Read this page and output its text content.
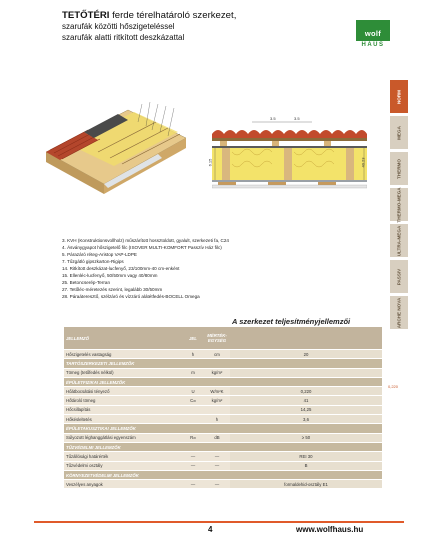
TETŐTÉRI ferde térelhatároló szerkezet,
szarufák közötti hőszigeteléssel
szarufák alatti ritkított deszkázattal	wolf
HAUS
NORM
MEGA
THERMO
THERMO-MEGA
ULTRA-MEGA
PASSIV
ARCHE NOVA
3.5	3.5
6.15	40.23
3. KVH (Konstruktionsvollholz) műszárított hossztoldott, gyalult, szerkezeti fa, C24
4. Ásványgyapot hőszigetelő filc (ISOVER MULTI-KOMFORT Passzív Ház filc)
5. Párazáró réteg-Aristop VAP-LDPE
7. Tűzgátló gipszkarton-Rigips
14. Ritkított deszkázat-lucfenyő, 23/100mm-40 cm-enként
15. Ellenléc-lucfenyő, 50/50mm vagy 40/80mm
25. Betoncserép-Terran
27. Tetőléc-méretezés szerint, legalább 30/50mm
28. Páraáteresztő, szélzáró és vízzáró alátétfedés-BOCELL Omega
A szerkezet teljesítményjellemzői
JELLEMZŐ		JEL	MÉRTÉK-EGYSÉG	
Hőszigetelés vastagság		h	cm	20
TARTÓSZERKEZETI JELLEMZŐK				
Tömeg (tetőfedés nélkül)		m	kg/m²	
ÉPÜLETFIZIKAI JELLEMZŐK				
Hőátbocsátási tényező		U	W/m²K	0,220
Hőtároló tömeg		Cₘ	kg/m²	41
Hőcsillapítás				14,25
Hőkésleltetés			h	3,6
ÉPÜLETAKUSZTIKAI JELLEMZŐK				
Súlyozott léghanggátlási egyenszám		Rₘ	dB	≥ 50
TŰZVÉDELMI JELLEMZŐK				
Tűzállósági határérték		—	—	REI 30
Tűzvédelmi osztály		—	—	B
KÖRNYEZETVÉDELMI JELLEMZŐK				
Veszélyes anyagok		—	—	formaldehid-osztály E1
0,220
4	www.wolfhaus.hu
